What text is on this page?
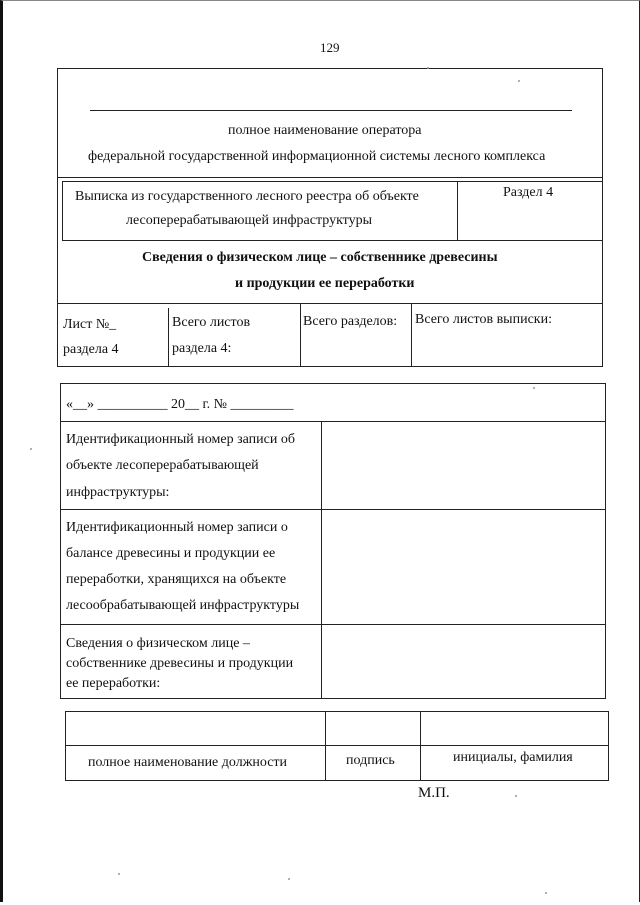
129
полное наименование оператора
федеральной государственной информационной системы лесного комплекса
Выписка из государственного лесного реестра об объекте
лесоперерабатывающей инфраструктуры
Раздел 4
Сведения о физическом лице – собственнике древесины
и продукции ее переработки
Лист №_
раздела 4
Всего листов
раздела 4:
Всего разделов: Всего листов выписки:
«__» __________ 20__ г. № _________
Идентификационный номер записи об
объекте лесоперерабатывающей
инфраструктуры:
Идентификационный номер записи о
балансе древесины и продукции ее
переработки, хранящихся на объекте
лесообрабатывающей инфраструктуры
Сведения о физическом лице –
собственнике древесины и продукции
ее переработки:
полное наименование должности	подпись	инициалы, фамилия
М.П.
